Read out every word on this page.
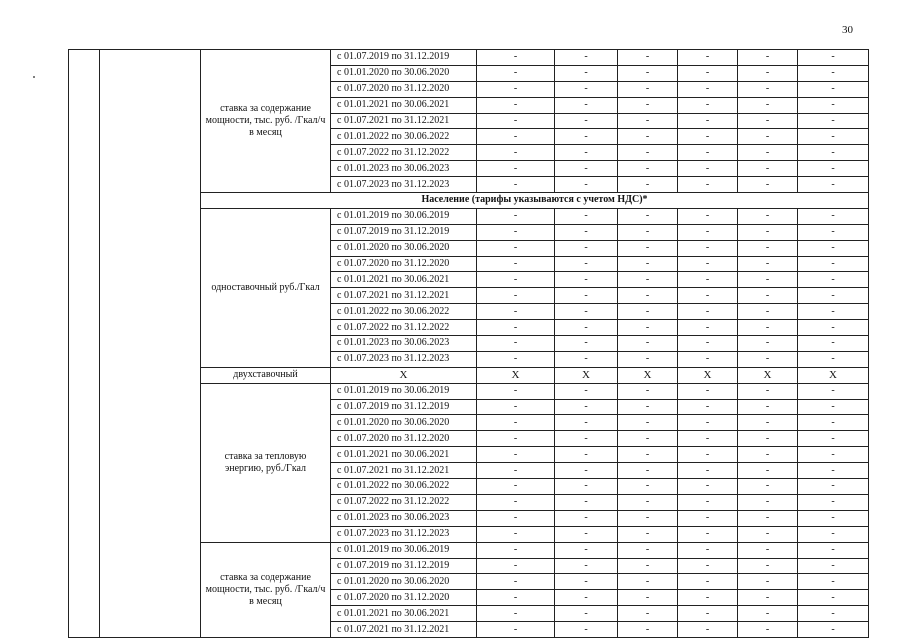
30
		ставка за содержание мощности, тыс. руб. /Гкал/ч в месяц	с 01.07.2019 по 31.12.2019	-	-	-	-	-	-
			с 01.01.2020 по 30.06.2020	-	-	-	-	-	-
			с 01.07.2020 по 31.12.2020	-	-	-	-	-	-
			с 01.01.2021 по 30.06.2021	-	-	-	-	-	-
			с 01.07.2021 по 31.12.2021	-	-	-	-	-	-
			с 01.01.2022 по 30.06.2022	-	-	-	-	-	-
			с 01.07.2022 по 31.12.2022	-	-	-	-	-	-
			с 01.01.2023 по 30.06.2023	-	-	-	-	-	-
			с 01.07.2023 по 31.12.2023	-	-	-	-	-	-
		Население (тарифы указываются с учетом НДС)*							
		одноставочный руб./Гкал	с 01.01.2019 по 30.06.2019	-	-	-	-	-	-
			с 01.07.2019 по 31.12.2019	-	-	-	-	-	-
			с 01.01.2020 по 30.06.2020	-	-	-	-	-	-
			с 01.07.2020 по 31.12.2020	-	-	-	-	-	-
			с 01.01.2021 по 30.06.2021	-	-	-	-	-	-
			с 01.07.2021 по 31.12.2021	-	-	-	-	-	-
			с 01.01.2022 по 30.06.2022	-	-	-	-	-	-
			с 01.07.2022 по 31.12.2022	-	-	-	-	-	-
			с 01.01.2023 по 30.06.2023	-	-	-	-	-	-
			с 01.07.2023 по 31.12.2023	-	-	-	-	-	-
		двухставочный	X	X	X	X	X	X	X
		ставка за тепловую энергию, руб./Гкал	с 01.01.2019 по 30.06.2019	-	-	-	-	-	-
			с 01.07.2019 по 31.12.2019	-	-	-	-	-	-
			с 01.01.2020 по 30.06.2020	-	-	-	-	-	-
			с 01.07.2020 по 31.12.2020	-	-	-	-	-	-
			с 01.01.2021 по 30.06.2021	-	-	-	-	-	-
			с 01.07.2021 по 31.12.2021	-	-	-	-	-	-
			с 01.01.2022 по 30.06.2022	-	-	-	-	-	-
			с 01.07.2022 по 31.12.2022	-	-	-	-	-	-
			с 01.01.2023 по 30.06.2023	-	-	-	-	-	-
			с 01.07.2023 по 31.12.2023	-	-	-	-	-	-
		ставка за содержание мощности, тыс. руб. /Гкал/ч в месяц	с 01.01.2019 по 30.06.2019	-	-	-	-	-	-
			с 01.07.2019 по 31.12.2019	-	-	-	-	-	-
			с 01.01.2020 по 30.06.2020	-	-	-	-	-	-
			с 01.07.2020 по 31.12.2020	-	-	-	-	-	-
			с 01.01.2021 по 30.06.2021	-	-	-	-	-	-
			с 01.07.2021 по 31.12.2021	-	-	-	-	-	-
